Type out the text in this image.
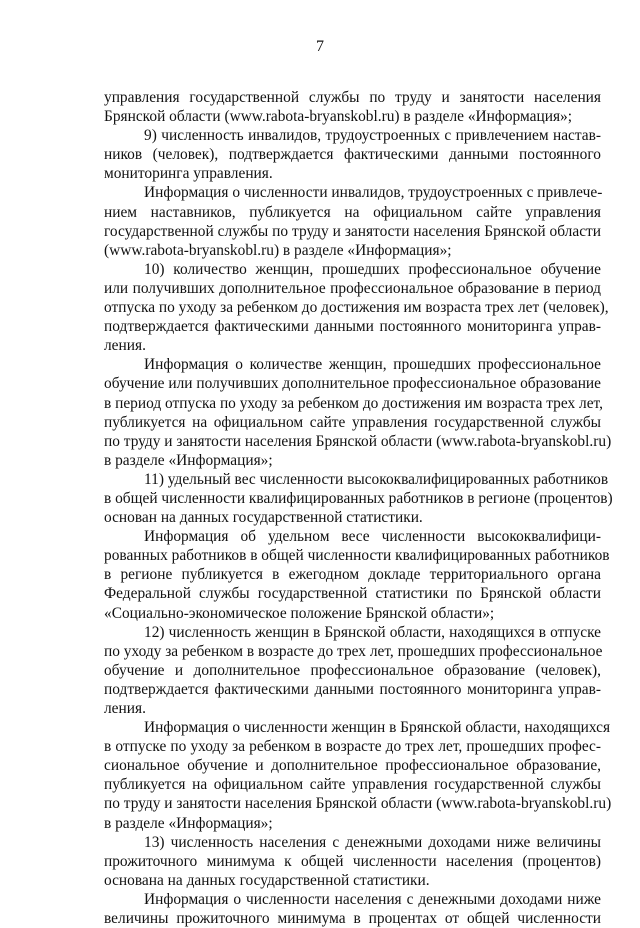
7
управления государственной службы по труду и занятости населения
Брянской области (www.rabota-bryanskobl.ru) в разделе «Информация»;
9) численность инвалидов, трудоустроенных с привлечением настав-
ников (человек), подтверждается фактическими данными постоянного
мониторинга управления.
Информация о численности инвалидов, трудоустроенных с привлече-
нием наставников, публикуется на официальном сайте управления
государственной службы по труду и занятости населения Брянской области
(www.rabota-bryanskobl.ru) в разделе «Информация»;
10) количество женщин, прошедших профессиональное обучение
или получивших дополнительное профессиональное образование в период
отпуска по уходу за ребенком до достижения им возраста трех лет (человек),
подтверждается фактическими данными постоянного мониторинга управ-
ления.
Информация о количестве женщин, прошедших профессиональное
обучение или получивших дополнительное профессиональное образование
в период отпуска по уходу за ребенком до достижения им возраста трех лет,
публикуется на официальном сайте управления государственной службы
по труду и занятости населения Брянской области (www.rabota-bryanskobl.ru)
в разделе «Информация»;
11) удельный вес численности высококвалифицированных работников
в общей численности квалифицированных работников в регионе (процентов)
основан на данных государственной статистики.
Информация об удельном весе численности высококвалифици-
рованных работников в общей численности квалифицированных работников
в регионе публикуется в ежегодном докладе территориального органа
Федеральной службы государственной статистики по Брянской области
«Социально-экономическое положение Брянской области»;
12) численность женщин в Брянской области, находящихся в отпуске
по уходу за ребенком в возрасте до трех лет, прошедших профессиональное
обучение и дополнительное профессиональное образование (человек),
подтверждается фактическими данными постоянного мониторинга управ-
ления.
Информация о численности женщин в Брянской области, находящихся
в отпуске по уходу за ребенком в возрасте до трех лет, прошедших профес-
сиональное обучение и дополнительное профессиональное образование,
публикуется на официальном сайте управления государственной службы
по труду и занятости населения Брянской области (www.rabota-bryanskobl.ru)
в разделе «Информация»;
13) численность населения с денежными доходами ниже величины
прожиточного минимума к общей численности населения (процентов)
основана на данных государственной статистики.
Информация о численности населения с денежными доходами ниже
величины прожиточного минимума в процентах от общей численности
